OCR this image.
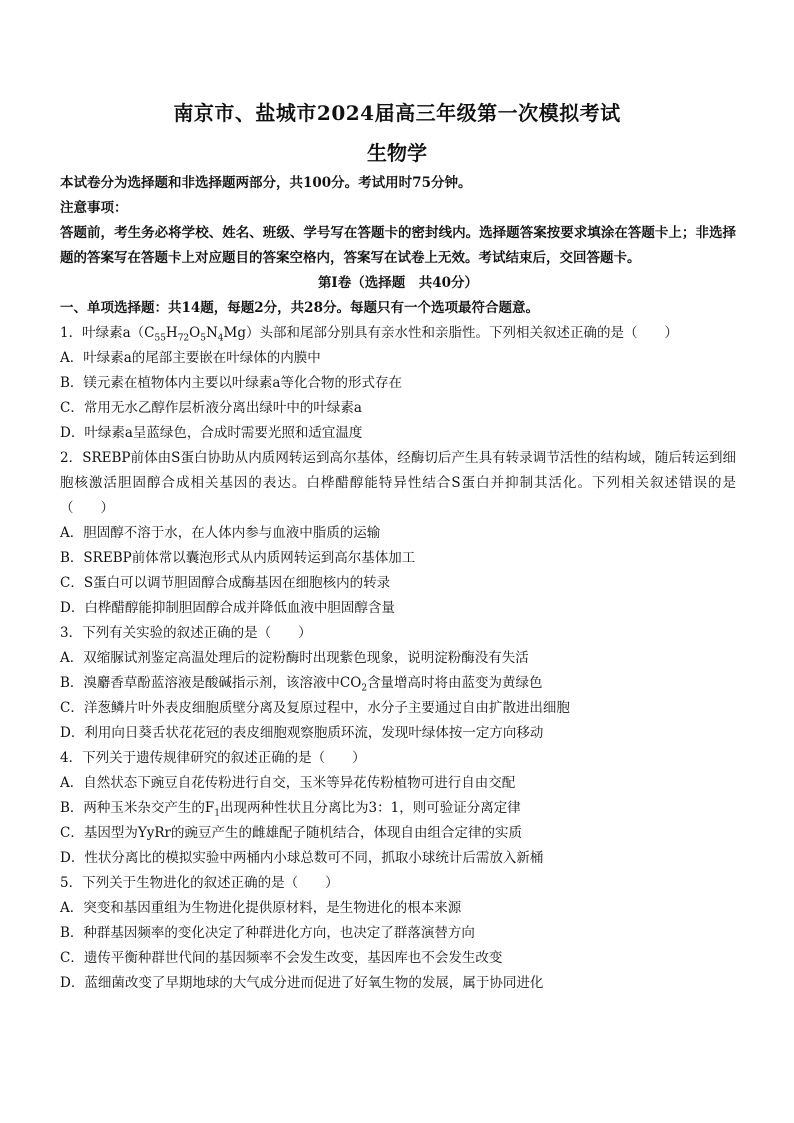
南京市、盐城市2024届高三年级第一次模拟考试
生物学
本试卷分为选择题和非选择题两部分，共100分。考试用时75分钟。
注意事项：
答题前，考生务必将学校、姓名、班级、学号写在答题卡的密封线内。选择题答案按要求填涂在答题卡上；非选择题的答案写在答题卡上对应题目的答案空格内，答案写在试卷上无效。考试结束后，交回答题卡。
第Ⅰ卷（选择题　共40分）
一、单项选择题：共14题，每题2分，共28分。每题只有一个选项最符合题意。
1．叶绿素$a(C_{55}H_{72}O_5N_4Mg)$头部和尾部分别具有亲水性和亲脂性。下列相关叙述正确的是（　　）
A．叶绿素a的尾部主要嵌在叶绿体的内膜中
B．镁元素在植物体内主要以叶绿素a等化合物的形式存在
C．常用无水乙醇作层析液分离出绿叶中的叶绿素a
D．叶绿素a呈蓝绿色，合成时需要光照和适宜温度
2．SREBP前体由S蛋白协助从内质网转运到高尔基体，经酶切后产生具有转录调节活性的结构域，随后转运到细胞核激活胆固醇合成相关基因的表达。白桦醋醇能特异性结合S蛋白并抑制其活化。下列相关叙述错误的是（　　）
A．胆固醇不溶于水，在人体内参与血液中脂质的运输
B．SREBP前体常以囊泡形式从内质网转运到高尔基体加工
C．S蛋白可以调节胆固醇合成酶基因在细胞核内的转录
D．白桦醋醇能抑制胆固醇合成并降低血液中胆固醇含量
3．下列有关实验的叙述正确的是（　　）
A．双缩脲试剂鉴定高温处理后的淀粉酶时出现紫色现象，说明淀粉酶没有失活
B．溴麝香草酚蓝溶液是酸碱指示剂，该溶液中$CO_2$含量增高时将由蓝变为黄绿色
C．洋葱鳞片叶外表皮细胞质壁分离及复原过程中，水分子主要通过自由扩散进出细胞
D．利用向日葵舌状花花冠的表皮细胞观察胞质环流，发现叶绿体按一定方向移动
4．下列关于遗传规律研究的叙述正确的是（　　）
A．自然状态下豌豆自花传粉进行自交，玉米等异花传粉植物可进行自由交配
B．两种玉米杂交产生的$F_1$出现两种性状且分离比为3：1，则可验证分离定律
C．基因型为YyRr的豌豆产生的雌雄配子随机结合，体现自由组合定律的实质
D．性状分离比的模拟实验中两桶内小球总数可不同，抓取小球统计后需放入新桶
5．下列关于生物进化的叙述正确的是（　　）
A．突变和基因重组为生物进化提供原材料，是生物进化的根本来源
B．种群基因频率的变化决定了种群进化方向，也决定了群落演替方向
C．遗传平衡种群世代间的基因频率不会发生改变，基因库也不会发生改变
D．蓝细菌改变了早期地球的大气成分进而促进了好氧生物的发展，属于协同进化
